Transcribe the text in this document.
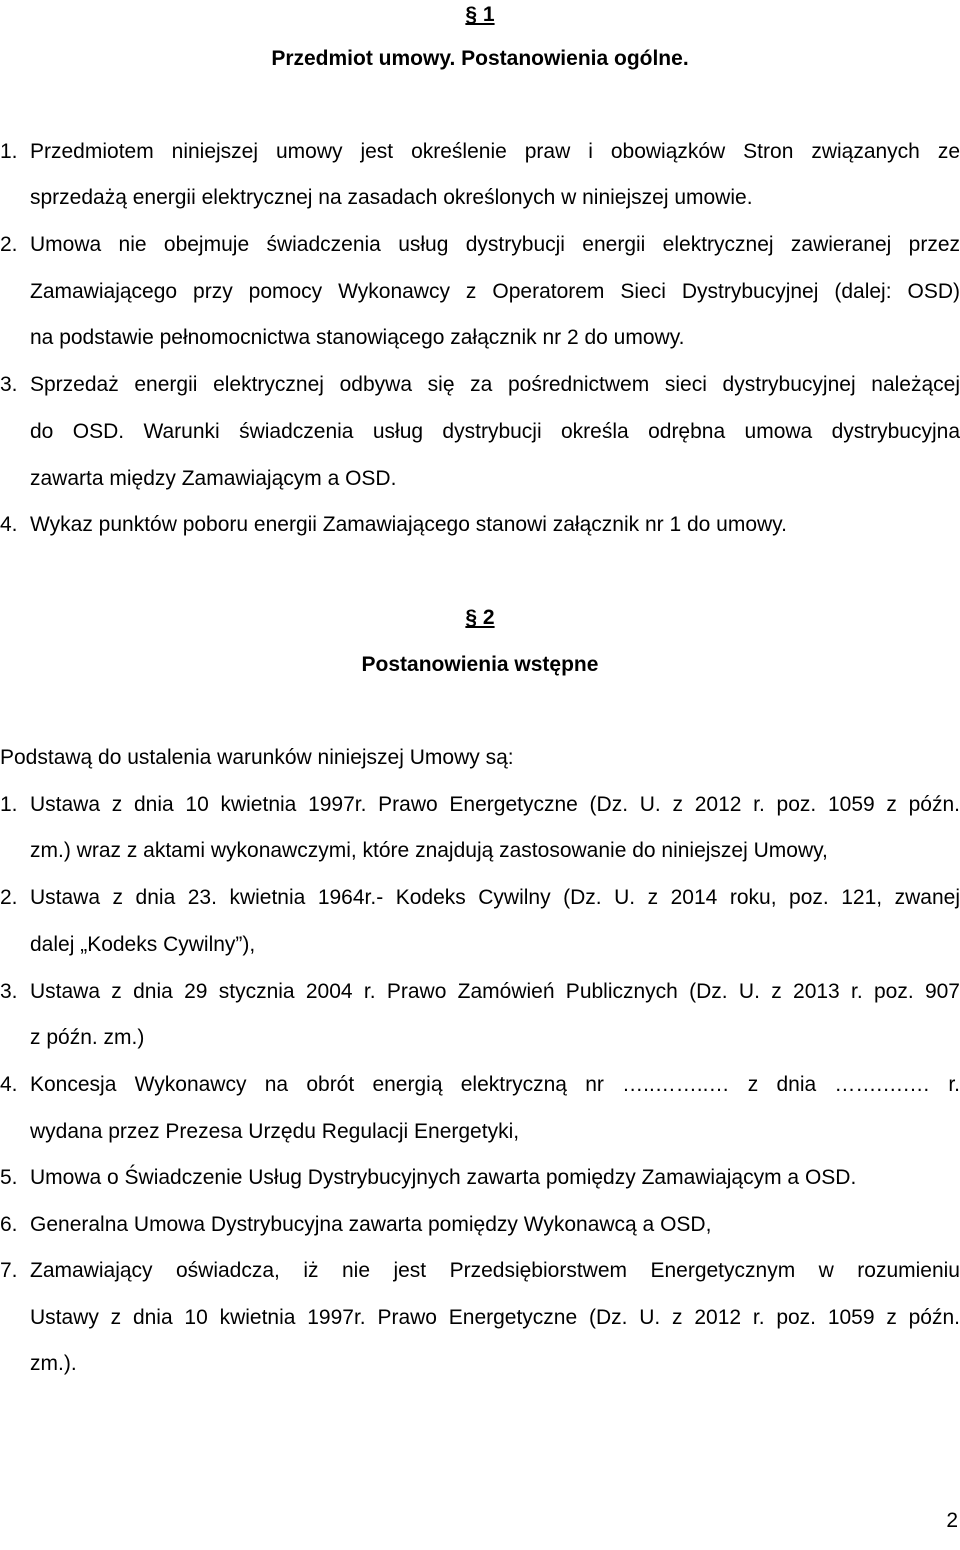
§ 1
Przedmiot umowy. Postanowienia ogólne.
1. Przedmiotem niniejszej umowy jest określenie praw i obowiązków Stron związanych ze
sprzedażą energii elektrycznej na zasadach określonych w niniejszej umowie.
2. Umowa nie obejmuje świadczenia usług dystrybucji energii elektrycznej zawieranej przez
Zamawiającego przy pomocy Wykonawcy z Operatorem Sieci Dystrybucyjnej (dalej: OSD)
na podstawie pełnomocnictwa stanowiącego załącznik nr 2 do umowy.
3. Sprzedaż energii elektrycznej odbywa się za pośrednictwem sieci dystrybucyjnej należącej
do OSD. Warunki świadczenia usług dystrybucji określa odrębna umowa dystrybucyjna
zawarta między Zamawiającym a OSD.
4. Wykaz punktów poboru energii Zamawiającego stanowi załącznik nr 1 do umowy.
§ 2
Postanowienia wstępne
Podstawą do ustalenia warunków niniejszej Umowy są:
1. Ustawa z dnia 10 kwietnia 1997r. Prawo Energetyczne (Dz. U. z 2012 r. poz. 1059 z późn.
zm.) wraz z aktami wykonawczymi, które znajdują zastosowanie do niniejszej Umowy,
2. Ustawa z dnia 23. kwietnia 1964r.- Kodeks Cywilny (Dz. U. z 2014 roku, poz. 121, zwanej
dalej „Kodeks Cywilny”),
3. Ustawa z dnia 29 stycznia 2004 r. Prawo Zamówień Publicznych (Dz. U. z 2013 r. poz. 907
z późn. zm.)
4. Koncesja Wykonawcy na obrót energią elektryczną nr …..……..… z dnia …….….… r.
wydana przez Prezesa Urzędu Regulacji Energetyki,
5. Umowa o Świadczenie Usług Dystrybucyjnych zawarta pomiędzy Zamawiającym a OSD.
6. Generalna Umowa Dystrybucyjna zawarta pomiędzy Wykonawcą a OSD,
7. Zamawiający oświadcza, iż nie jest Przedsiębiorstwem Energetycznym w rozumieniu
Ustawy z dnia 10 kwietnia 1997r. Prawo Energetyczne (Dz. U. z 2012 r. poz. 1059 z późn.
zm.).
2
